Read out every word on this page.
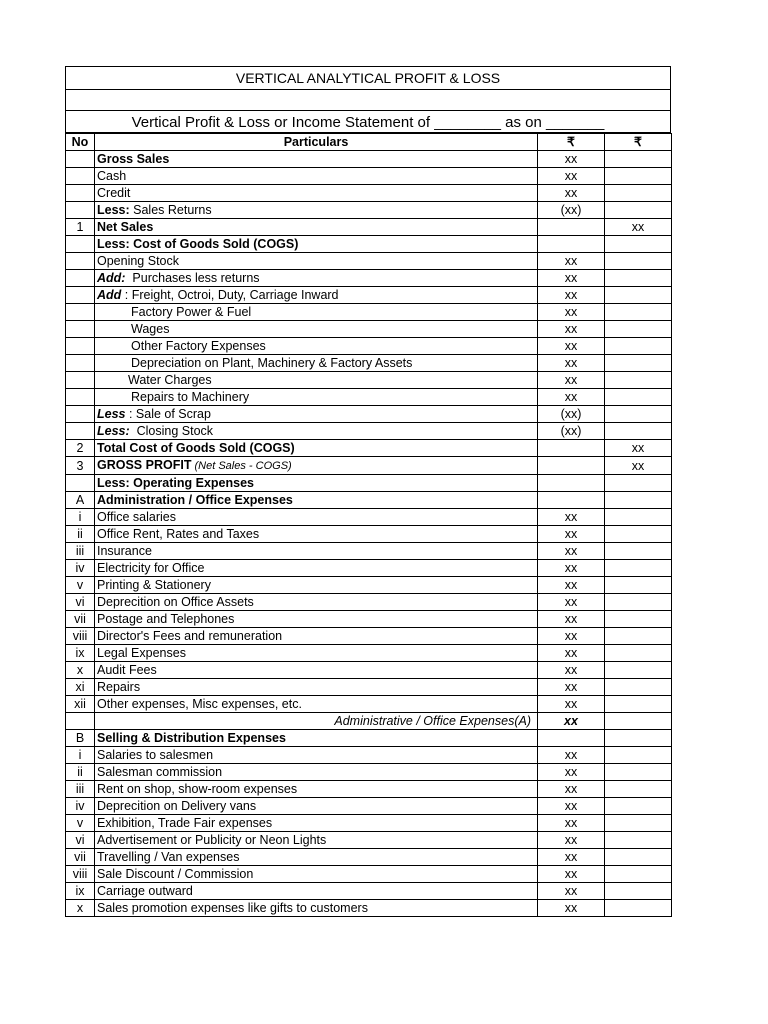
VERTICAL ANALYTICAL PROFIT & LOSS
Vertical Profit & Loss or Income Statement of ________ as on _______
No	Particulars	₹	₹
	Gross Sales	xx	
	Cash	xx	
	Credit	xx	
	Less: Sales Returns	(xx)	
1	Net Sales		xx
	Less: Cost of Goods Sold (COGS)		
	Opening Stock	xx	
	Add:  Purchases less returns	xx	
	Add : Freight, Octroi, Duty, Carriage Inward	xx	
	Factory Power & Fuel	xx	
	Wages	xx	
	Other Factory Expenses	xx	
	Depreciation on Plant, Machinery & Factory Assets	xx	
	Water Charges	xx	
	Repairs to Machinery	xx	
	Less : Sale of Scrap	(xx)	
	Less:  Closing Stock	(xx)	
2	Total Cost of Goods Sold (COGS)		xx
3	GROSS PROFIT (Net Sales - COGS)		xx
	Less: Operating Expenses		
A	Administration / Office Expenses		
i	Office salaries	xx	
ii	Office Rent, Rates and Taxes	xx	
iii	Insurance	xx	
iv	Electricity for Office	xx	
v	Printing & Stationery	xx	
vi	Deprecition on Office Assets	xx	
vii	Postage and Telephones	xx	
viii	Director's Fees and remuneration	xx	
ix	Legal Expenses	xx	
x	Audit Fees	xx	
xi	Repairs	xx	
xii	Other expenses, Misc expenses, etc.	xx	
	Administrative / Office Expenses(A)	xx	
B	Selling & Distribution Expenses		
i	Salaries to salesmen	xx	
ii	Salesman commission	xx	
iii	Rent on shop, show-room expenses	xx	
iv	Deprecition on Delivery vans	xx	
v	Exhibition, Trade Fair expenses	xx	
vi	Advertisement or Publicity or Neon Lights	xx	
vii	Travelling / Van expenses	xx	
viii	Sale Discount / Commission	xx	
ix	Carriage outward	xx	
x	Sales promotion expenses like gifts to customers	xx	
